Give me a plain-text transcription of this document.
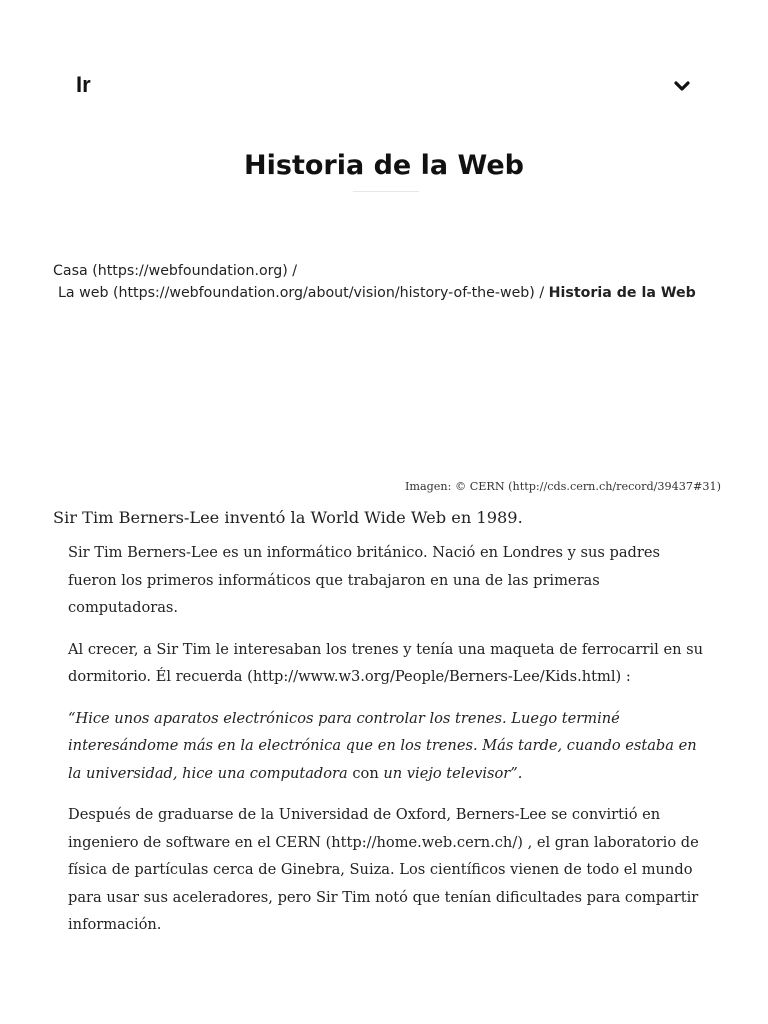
Ir
Historia de la Web
Casa (https://webfoundation.org) /
La web (https://webfoundation.org/about/vision/history-of-the-web) / Historia de la Web
Imagen: © CERN (http://cds.cern.ch/record/39437#31)

Sir Tim Berners-Lee inventó la World Wide Web en 1989.

Sir Tim Berners-Lee es un informático británico. Nació en Londres y sus padres fueron los primeros informáticos que trabajaron en una de las primeras computadoras.

Al crecer, a Sir Tim le interesaban los trenes y tenía una maqueta de ferrocarril en su dormitorio. Él recuerda (http://www.w3.org/People/Berners-Lee/Kids.html) :

“Hice unos aparatos electrónicos para controlar los trenes. Luego terminé interesándome más en la electrónica que en los trenes. Más tarde, cuando estaba en la universidad, hice una computadora con un viejo televisor”.

Después de graduarse de la Universidad de Oxford, Berners-Lee se convirtió en ingeniero de software en el CERN (http://home.web.cern.ch/) , el gran laboratorio de física de partículas cerca de Ginebra, Suiza. Los científicos vienen de todo el mundo para usar sus aceleradores, pero Sir Tim notó que tenían dificultades para compartir información.
